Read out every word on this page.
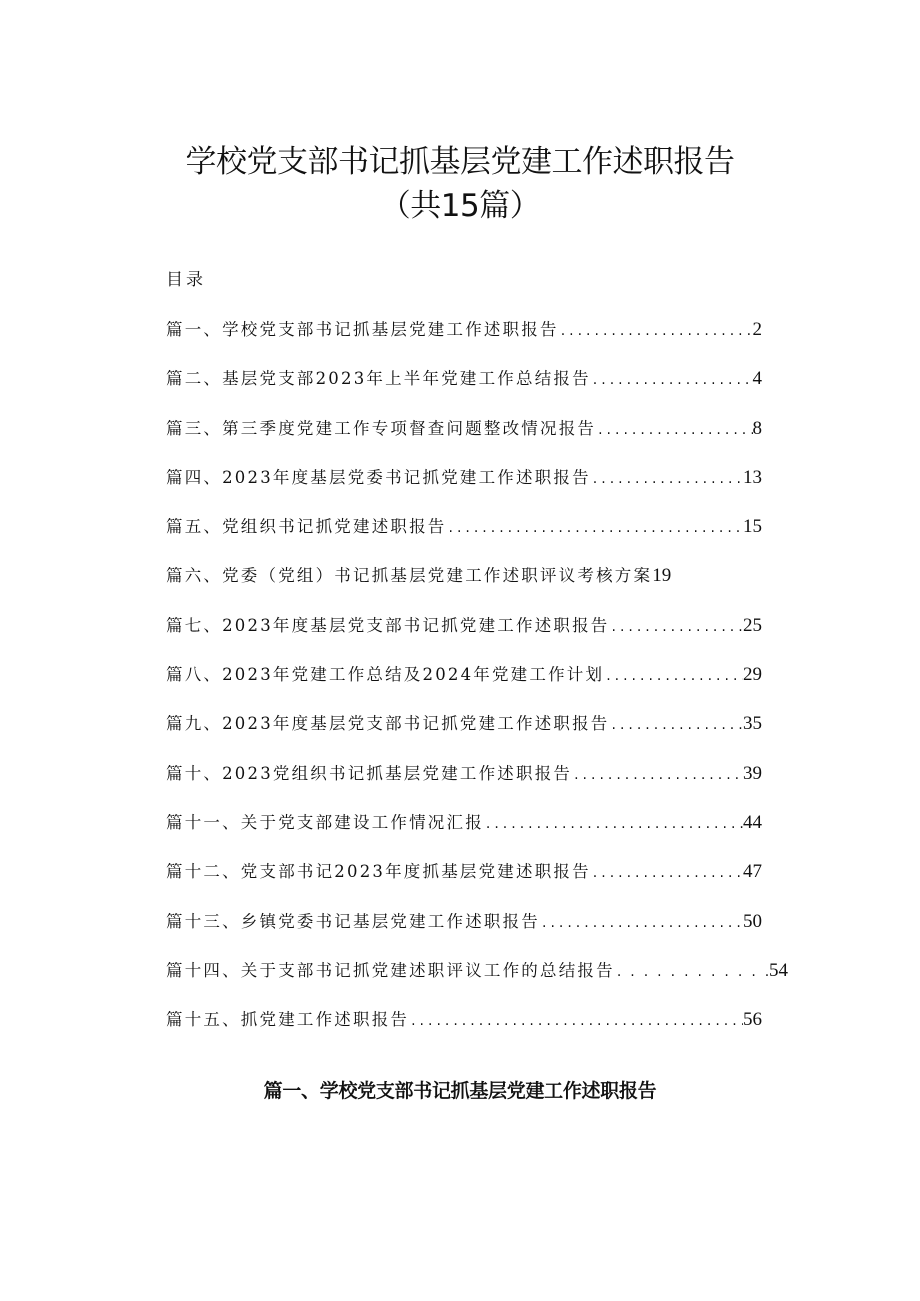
学校党支部书记抓基层党建工作述职报告
（共15篇）
目录
篇一、学校党支部书记抓基层党建工作述职报告 .....	2
篇二、基层党支部2023年上半年党建工作总结报告 .....	4
篇三、第三季度党建工作专项督查问题整改情况报告 .....	8
篇四、2023年度基层党委书记抓党建工作述职报告 .....	13
篇五、党组织书记抓党建述职报告 .....	15
篇六、党委（党组）书记抓基层党建工作述职评议考核方案 19
篇七、2023年度基层党支部书记抓党建工作述职报告 .....	25
篇八、2023年党建工作总结及2024年党建工作计划 .....	29
篇九、2023年度基层党支部书记抓党建工作述职报告 .....	35
篇十、2023党组织书记抓基层党建工作述职报告 .....	39
篇十一、关于党支部建设工作情况汇报 .....	44
篇十二、党支部书记2023年度抓基层党建述职报告 .....	47
篇十三、乡镇党委书记基层党建工作述职报告 .....	50
篇十四、关于支部书记抓党建述职评议工作的总结报告 .....	54
篇十五、抓党建工作述职报告 .....	56
篇一、学校党支部书记抓基层党建工作述职报告
